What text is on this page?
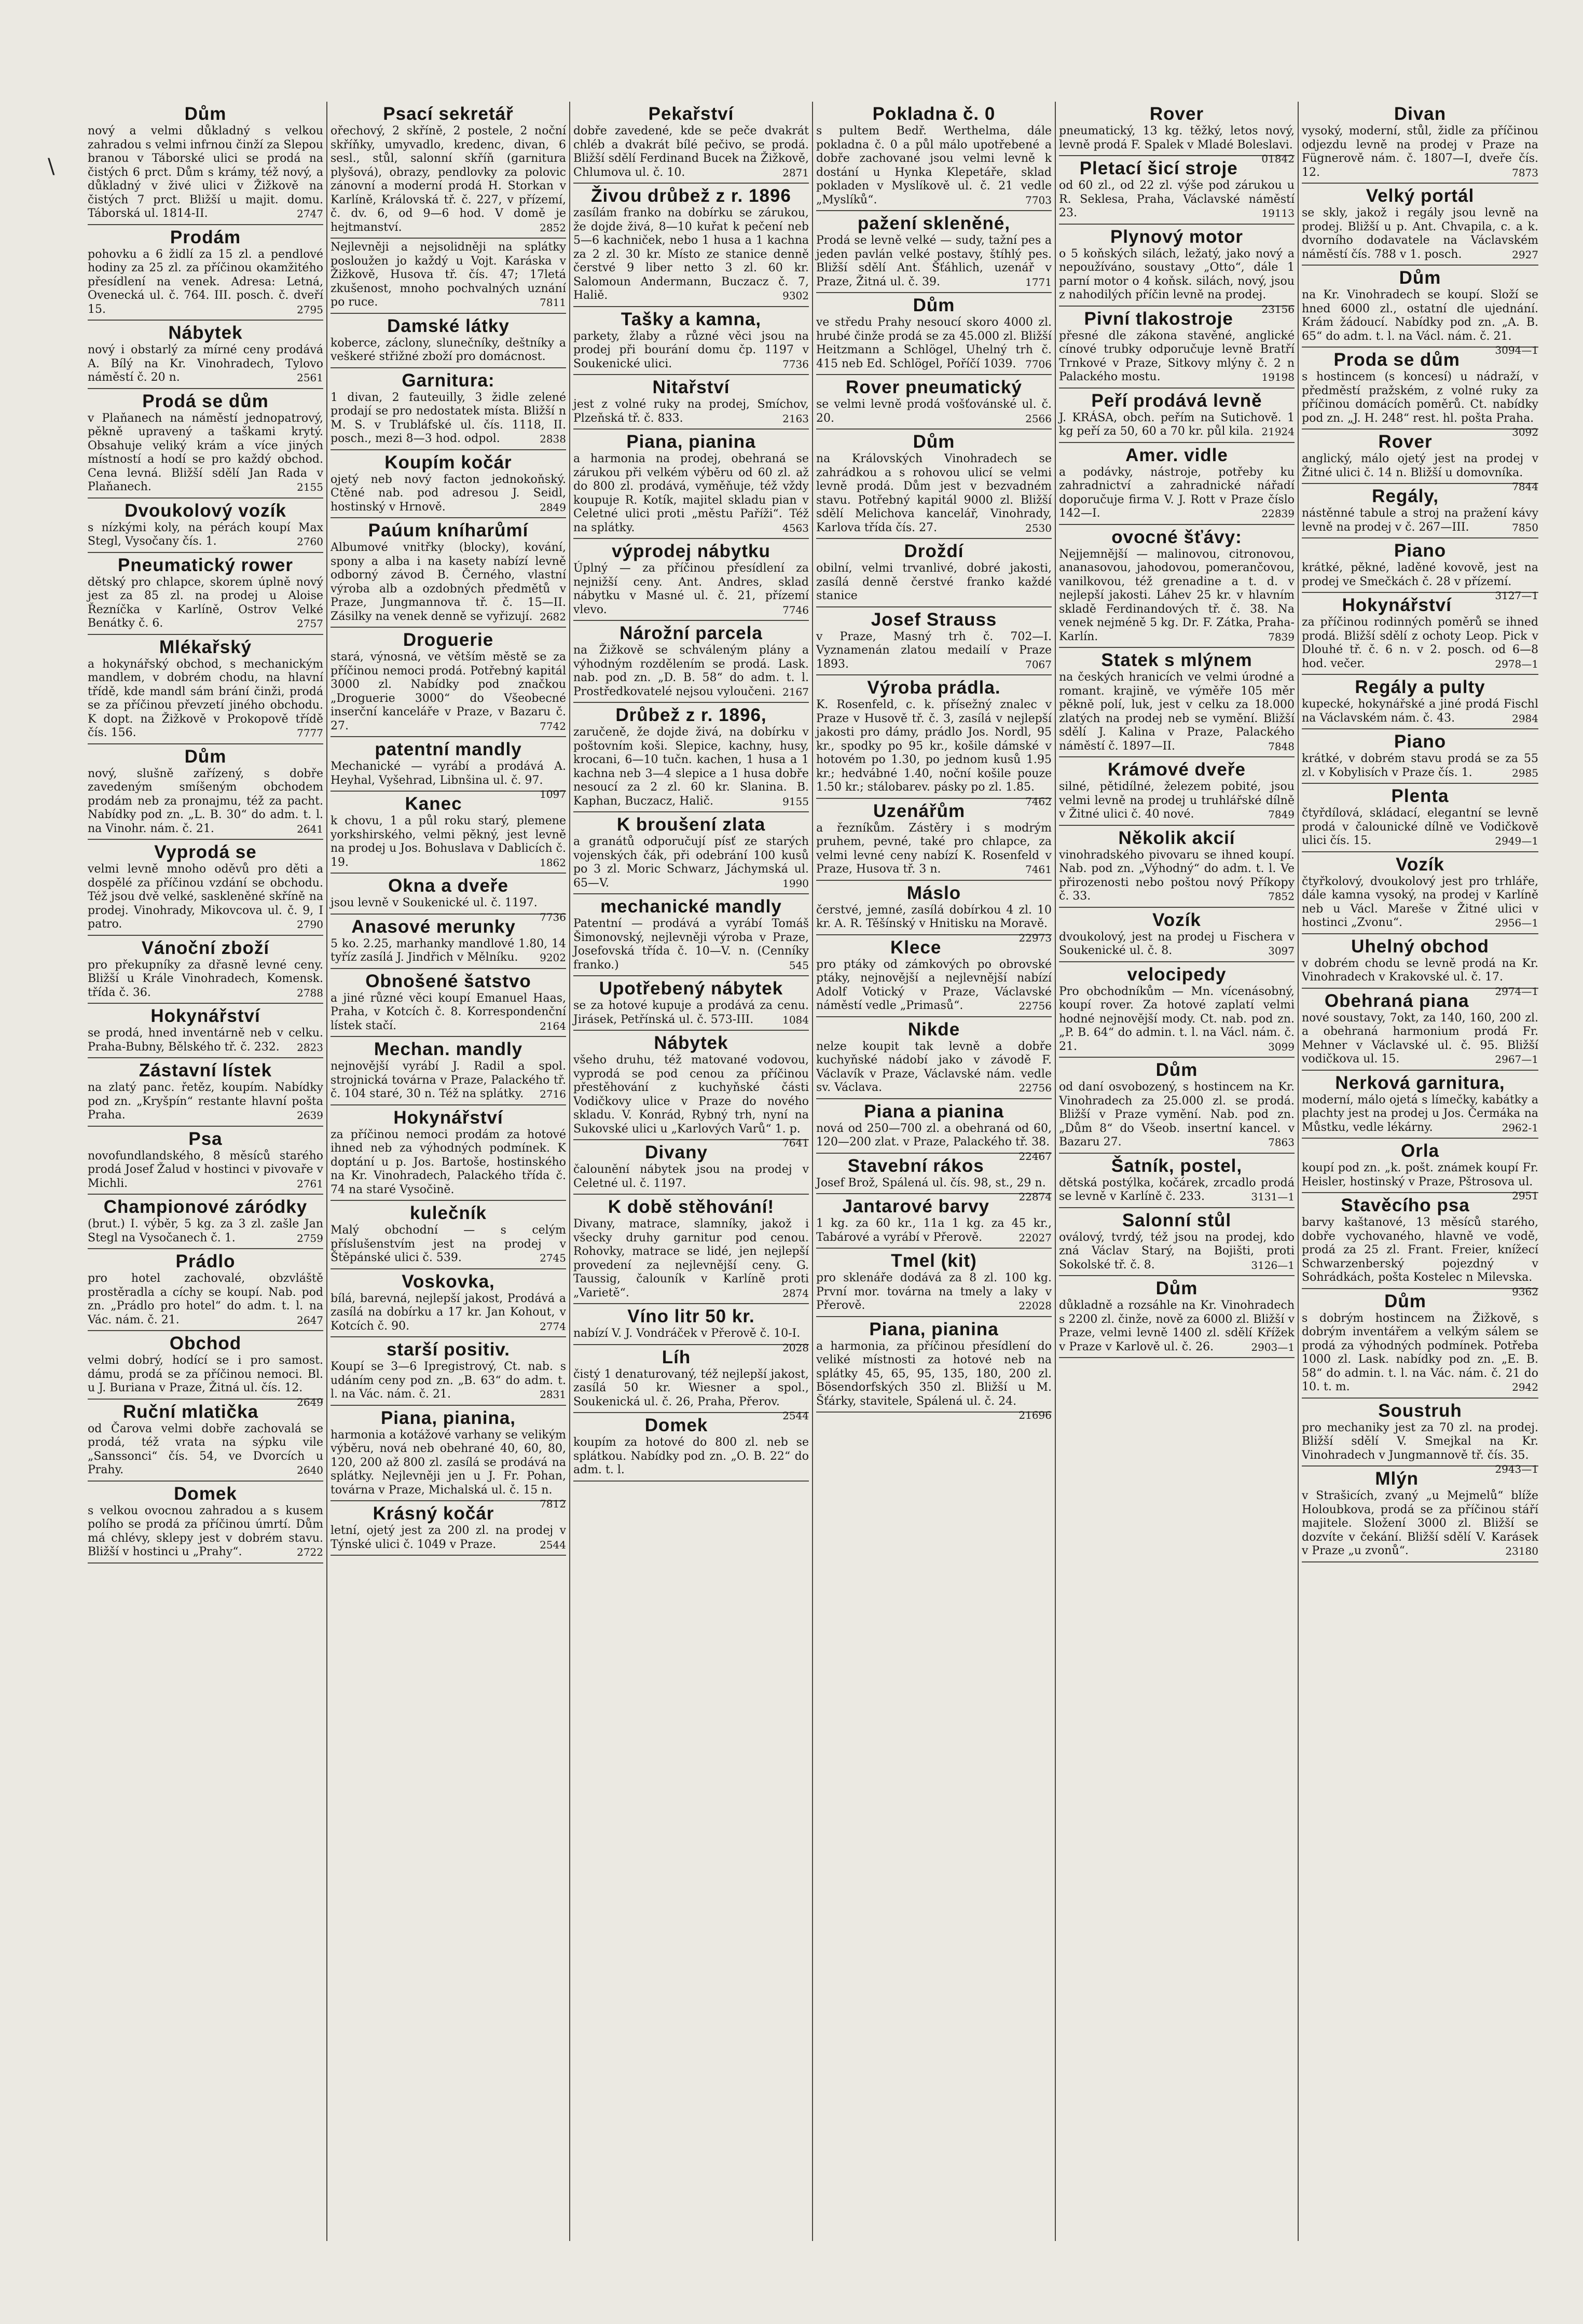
\
Dům

nový a velmi důkladný s velkou zahradou s velmi infrnou činží za Slepou branou v Táborské ulici se prodá na čistých 6 prct. Dům s krámy, též nový, a důkladný v živé ulici v Žižkově na čistých 7 prct. Bližší u majit. domu. Táborská ul. 1814-II.	2747

Prodám

pohovku a 6 židlí za 15 zl. a pendlové hodiny za 25 zl. za příčinou okamžitého přesídlení na venek. Adresa: Letná, Ovenecká ul. č. 764. III. posch. č. dveří 15.	2795

Nábytek

nový i obstarlý za mírné ceny prodává A. Bílý na Kr. Vinohradech, Tylovo náměstí č. 20 n.	2561

Prodá se dům

v Plaňanech na náměstí jednopatrový, pěkně upravený a taškami krytý. Obsahuje veliký krám a více jiných místností a hodí se pro každý obchod. Cena levná. Bližší sdělí Jan Rada v Plaňanech.	2155

Dvoukolový vozík

s nízkými koly, na pérách koupí Max Stegl, Vysočany čís. 1.	2760

Pneumatický rower

dětský pro chlapce, skorem úplně nový jest za 85 zl. na prodej u Aloise Řezníčka v Karlíně, Ostrov Velké Benátky č. 6.	2757

Mlékařský

a hokynářský obchod, s mechanickým mandlem, v dobrém chodu, na hlavní třídě, kde mandl sám brání činži, prodá se za příčinou převzetí jiného obchodu. K dopt. na Žižkově v Prokopově třídě čís. 156.	7777

Dům

nový, slušně zařízený, s dobře zavedeným smíšeným obchodem prodám neb za pronajmu, též za pacht. Nabídky pod zn. „L. B. 30“ do adm. t. l. na Vinohr. nám. č. 21.	2641

Vyprodá se

velmi levně mnoho oděvů pro děti a dospělé za příčinou vzdání se obchodu. Též jsou dvě velké, saskleněné skříně na prodej. Vinohrady, Mikovcova ul. č. 9, I patro.	2790

Vánoční zboží

pro překupníky za dřasně levné ceny. Bližší u Krále Vinohradech, Komensk. třída č. 36.	2788

Hokynářství

se prodá, hned inventárně neb v celku. Praha-Bubny, Bělského tř. č. 232.	2823

Zástavní lístek

na zlatý panc. řetěz, koupím. Nabídky pod zn. „Kryšpín“ restante hlavní pošta Praha.	2639

Psa

novofundlandského, 8 měsíců starého prodá Josef Žalud v hostinci v pivovaře v Michli.	2761

Championové záródky

(brut.) I. výběr, 5 kg. za 3 zl. zašle Jan Stegl na Vysočanech č. 1.	2759

Prádlo

pro hotel zachovalé, obzvláště prostěradla a cíchy se koupí. Nab. pod zn. „Prádlo pro hotel“ do adm. t. l. na Vác. nám. č. 21.	2647

Obchod

velmi dobrý, hodící se i pro samost. dámu, prodá se za příčinou nemoci. Bl. u J. Buriana v Praze, Žitná ul. čís. 12.
2649

Ruční mlatička

od Čarova velmi dobře zachovalá se prodá, též vrata na sýpku vile „Sanssonci“ čís. 54, ve Dvorcích u Prahy.	2640

Domek

s velkou ovocnou zahradou a s kusem polího se prodá za příčinou úmrtí. Dům má chlévy, sklepy jest v dobrém stavu. Bližší v hostinci u „Prahy“.	2722

Psací sekretář

ořechový, 2 skříně, 2 postele, 2 noční skříňky, umyvadlo, kredenc, divan, 6 sesl., stůl, salonní skříň (garnitura plyšová), obrazy, pendlovky za polovic zánovní a moderní prodá H. Storkan v Karlíně, Královská tř. č. 227, v přízemí, č. dv. 6, od 9—6 hod. V domě je hejtmanství.	2852

Nejlevněji a nejsolidněji na splátky posloužen jo každý u Vojt. Karáska v Žižkově, Husova tř. čís. 47; 17letá zkušenost, mnoho pochvalných uznání po ruce.	7811

Damské látky

koberce, záclony, slunečníky, deštníky a veškeré střižné zboží pro domácnost.

Garnitura:

1 divan, 2 fauteuilly, 3 židle zelené prodají se pro nedostatek místa. Bližší n M. S. v Trubláfské ul. čís. 1118, II. posch., mezi 8—3 hod. odpol.	2838

Koupím kočár

ojetý neb nový facton jednokoňský. Ctěné nab. pod adresou J. Seidl, hostinský v Hrnově.	2849

Paúum kníharůmí

Albumové vnitřky (blocky), kování, spony a alba i na kasety nabízí levně odborný závod B. Černého, vlastní výroba alb a ozdobných předmětů v Praze, Jungmannova tř. č. 15—II. Zásilky na venek denně se vyřizují. 2682

Droguerie

stará, výnosná, ve větším městě se za příčinou nemoci prodá. Potřebný kapitál 3000 zl. Nabídky pod značkou „Droguerie 3000“ do Všeobecné inserční kanceláře v Praze, v Bazaru č. 27.	7742

patentní mandly

Mechanické — vyrábí a prodává A. Heyhal, Vyšehrad, Libnšina ul. č. 97.
1097

Kanec

k chovu, 1 a půl roku starý, plemene yorkshirského, velmi pěkný, jest levně na prodej u Jos. Bohuslava v Dablicích č. 19.	1862

Okna a dveře

jsou levně v Soukenické ul. č. 1197.
7736

Anasové merunky

5 ko. 2.25, marhanky mandlové 1.80, 14 tyříz zasílá J. Jindřich v Mělníku.	9202

Obnošené šatstvo

a jiné různé věci koupí Emanuel Haas, Praha, v Kotcích č. 8. Korrespondenční lístek stačí.	2164

Mechan. mandly

nejnovější vyrábí J. Radil a spol. strojnická továrna v Praze, Palackého tř. č. 104 staré, 30 n. Též na splátky.	2716

Hokynářství

za příčinou nemoci prodám za hotové ihned neb za výhodných podmínek. K doptání u p. Jos. Bartoše, hostinského na Kr. Vinohradech, Palackého třída č. 74 na staré Vysočině.

kulečník

Malý obchodní — s celým příslušenstvím jest na prodej v Štěpánské ulici č. 539.	2745

Voskovka,

bílá, barevná, nejlepší jakost, Prodává a zasílá na dobírku a 17 kr. Jan Kohout, v Kotcích č. 90.	2774

starší positiv.

Koupí se 3—6 Ipregistrový, Ct. nab. s udáním ceny pod zn. „B. 63“ do adm. t. l. na Vác. nám. č. 21.	2831

Piana, pianina,

harmonia a kotážové varhany se velikým výběru, nová neb obehrané 40, 60, 80, 120, 200 až 800 zl. zasílá se prodává na splátky. Nejlevněji jen u J. Fr. Pohan, továrna v Praze, Michalská ul. č. 15 n.
7812

Krásný kočár

letní, ojetý jest za 200 zl. na prodej v Týnské ulici č. 1049 v Praze.	2544

Pekařství

dobře zavedené, kde se peče dvakrát chléb a dvakrát bílé pečivo, se prodá. Bližší sdělí Ferdinand Bucek na Žižkově, Chlumova ul. č. 10.	2871

Živou drůbež z r. 1896

zasílám franko na dobírku se zárukou, že dojde živá, 8—10 kuřat k pečení neb 5—6 kachniček, nebo 1 husa a 1 kachna za 2 zl. 30 kr. Místo ze stanice denně čerstvé 9 liber netto 3 zl. 60 kr. Salomoun Andermann, Buczacz č. 7, Haliě.	9302

Tašky a kamna,

parkety, žlaby a různé věci jsou na prodej při bourání domu čp. 1197 v Soukenické ulici.	7736

Nitařství

jest z volné ruky na prodej, Smíchov, Plzeňská tř. č. 833.	2163

Piana, pianina

a harmonia na prodej, obehraná se zárukou při velkém výběru od 60 zl. až do 800 zl. prodává, vyměňuje, též vždy koupuje R. Kotík, majitel skladu pian v Celetné ulici proti „městu Paříži“. Též na splátky.	4563

výprodej nábytku

Úplný — za příčinou přesídlení za nejnižší ceny. Ant. Andres, sklad nábytku v Masné ul. č. 21, přízemí vlevo.	7746

Nárožní parcela

na Žižkově se schváleným plány a výhodným rozdělením se prodá. Lask. nab. pod zn. „D. B. 58“ do adm. t. l. Prostředkovatelé nejsou vyloučeni. 2167

Drůbež z r. 1896,

zaručeně, že dojde živá, na dobírku v poštovním koši. Slepice, kachny, husy, krocani, 6—10 tučn. kachen, 1 husa a 1 kachna neb 3—4 slepice a 1 husa dobře nesoucí za 2 zl. 60 kr. Slanina. B. Kaphan, Buczacz, Halič.	9155

K broušení zlata

a granátů odporučují písť ze starých vojenských čák, při odebrání 100 kusů po 3 zl. Moric Schwarz, Jáchymská ul. 65—V.	1990

mechanické mandly

Patentní — prodává a vyrábí Tomáš Šimonovský, nejlevněji výroba v Praze, Josefovská třída č. 10—V. n. (Cenníky franko.)	545

Upotřebený nábytek

se za hotové kupuje a prodává za cenu. Jirásek, Petřínská ul. č. 573-III.	1084

Nábytek

všeho druhu, též matované vodovou, vyprodá se pod cenou za příčinou přestěhování z kuchyňské části Vodičkovy ulice v Praze do nového skladu. V. Konrád, Rybný trh, nyní na Sukovské ulici u „Karlových Varů“ 1. p.
7641

Divany

čalounění nábytek jsou na prodej v Celetné ul. č. 1197.

K době stěhování!

Divany, matrace, slamníky, jakož i všecky druhy garnitur pod cenou. Rohovky, matrace se lidé, jen nejlepší provedení za nejlevnější ceny. G. Taussig, čalouník v Karlíně proti „Varietě“.	2874

Víno litr 50 kr.

nabízí V. J. Vondráček v Přerově č. 10-I.
2028

Líh

čistý 1 denaturovaný, též nejlepší jakost, zasílá 50 kr. Wiesner a spol., Soukenická ul. č. 26, Praha, Přerov.
2544

Domek

koupím za hotové do 800 zl. neb se splátkou. Nabídky pod zn. „O. B. 22“ do adm. t. l.

Pokladna č. 0

s pultem Bedř. Werthelma, dále pokladna č. 0 a půl málo upotřebené a dobře zachované jsou velmi levně k dostání u Hynka Klepetáře, sklad pokladen v Myslíkově ul. č. 21 vedle „Myslíků“.	7703

pažení skleněné,

Prodá se levně velké — sudy, tažní pes a jeden pavlán velké postavy, štíhlý pes. Bližší sdělí Ant. Šťáhlich, uzenář v Praze, Žitná ul. č. 39.	1771

Dům

ve středu Prahy nesoucí skoro 4000 zl. hrubé činže prodá se za 45.000 zl. Bližší Heitzmann a Schlögel, Uhelný trh č. 415 neb Ed. Schlögel, Poříčí 1039. 7706

Rover pneumatický

se velmi levně prodá vošťovánské ul. č. 20.	2566

Dům

na Královských Vinohradech se zahrádkou a s rohovou ulicí se velmi levně prodá. Dům jest v bezvadném stavu. Potřebný kapitál 9000 zl. Bližší sdělí Melichova kancelář, Vinohrady, Karlova třída čís. 27.	2530

Droždí

obilní, velmi trvanlivé, dobré jakosti, zasílá denně čerstvé franko každé stanice

Josef Strauss

v Praze, Masný trh č. 702—I. Vyznamenán zlatou medailí v Praze 1893.	7067

Výroba prádla.

K. Rosenfeld, c. k. přísežný znalec v Praze v Husově tř. č. 3, zasílá v nejlepší jakosti pro dámy, prádlo Jos. Nordl, 95 kr., spodky po 95 kr., košile dámské v hotovém po 1.30, po jednom kusů 1.95 kr.; hedvábné 1.40, noční košile pouze 1.50 kr.; stálobarev. pásky po zl. 1.85.
7462

Uzenářům

a řezníkům. Zástěry i s modrým pruhem, pevné, také pro chlapce, za velmi levné ceny nabízí K. Rosenfeld v Praze, Husova tř. 3 n.	7461

Máslo

čerstvé, jemné, zasílá dobírkou 4 zl. 10 kr. A. R. Těšínský v Hnitisku na Moravě.
22973

Klece

pro ptáky od zámkových po obrovské ptáky, nejnovější a nejlevnější nabízí Adolf Votický v Praze, Václavské náměstí vedle „Primasů“.	22756

Nikde

nelze koupit tak levně a dobře kuchyňské nádobí jako v závodě F. Václavík v Praze, Václavské nám. vedle sv. Václava.	22756

Piana a pianina

nová od 250—700 zl. a obehraná od 60, 120—200 zlat. v Praze, Palackého tř. 38.
22467

Stavební rákos

Josef Brož, Spálená ul. čís. 98, st., 29 n.
22874

Jantarové barvy

1 kg. za 60 kr., 11a 1 kg. za 45 kr., Tabárové a vyrábí v Přerově.	22027

Tmel (kit)

pro sklenáře dodává za 8 zl. 100 kg. První mor. továrna na tmely a laky v Přerově.	22028

Piana, pianina

a harmonia, za příčinou přesídlení do veliké místnosti za hotové neb na splátky 45, 65, 95, 135, 180, 200 zl. Bösendorfských 350 zl. Bližší u M. Šťárky, stavitele, Spálená ul. č. 24.
21696

Rover

pneumatický, 13 kg. těžký, letos nový, levně prodá F. Spalek v Mladé Boleslavi.
01842

Pletací šicí stroje

od 60 zl., od 22 zl. výše pod zárukou u R. Seklesa, Praha, Václavské náměstí 23.	19113

Plynový motor

o 5 koňských silách, ležatý, jako nový a nepoužíváno, soustavy „Otto“, dále 1 parní motor o 4 koňsk. silách, nový, jsou z nahodilých příčin levně na prodej.
23156

Pivní tlakostroje

přesné dle zákona stavěné, anglické cínové trubky odporučuje levně Bratří Trnkové v Praze, Sitkovy mlýny č. 2 n Palackého mostu.	19198

Peří prodává levně

J. KRÁSA, obch. peřím na Sutichově. 1 kg peří za 50, 60 a 70 kr. půl kila. 21924

Amer. vidle

a podávky, nástroje, potřeby ku zahradnictví a zahradnické nářadí doporučuje firma V. J. Rott v Praze číslo 142—I.	22839

ovocné šťávy:

Nejjemnější — malinovou, citronovou, ananasovou, jahodovou, pomerančovou, vanilkovou, též grenadine a t. d. v nejlepší jakosti. Láhev 25 kr. v hlavním skladě Ferdinandových tř. č. 38. Na venek nejméně 5 kg. Dr. F. Zátka, Praha-Karlín.	7839

Statek s mlýnem

na českých hranicích ve velmi úrodné a romant. krajině, ve výměře 105 měr pěkně polí, luk, jest v celku za 18.000 zlatých na prodej neb se vymění. Bližší sdělí J. Kalina v Praze, Palackého náměstí č. 1897—II.	7848

Krámové dveře

silné, pětidílné, železem pobité, jsou velmi levně na prodej u truhlářské dílně v Žitné ulici č. 40 nové.	7849

Několik akcií

vinohradského pivovaru se ihned koupí. Nab. pod zn. „Výhodný“ do adm. t. l. Ve přirozenosti nebo poštou nový Příkopy č. 33.	7852

Vozík

dvoukolový, jest na prodej u Fischera v Soukenické ul. č. 8.	3097

velocipedy

Pro obchodníkům — Mn. vícenásobný, koupí rover. Za hotové zaplatí velmi hodné nejnovější mody. Ct. nab. pod zn. „P. B. 64“ do admin. t. l. na Václ. nám. č. 21.	3099

Dům

od daní osvobozený, s hostincem na Kr. Vinohradech za 25.000 zl. se prodá. Bližší v Praze vymění. Nab. pod zn. „Dům 8“ do Všeob. insertní kancel. v Bazaru 27.	7863

Šatník, postel,

dětská postýlka, kočárek, zrcadlo prodá se levně v Karlíně č. 233.	3131—1

Salonní stůl

oválový, tvrdý, též jsou na prodej, kdo zná Václav Starý, na Bojišti, proti Sokolské tř. č. 8.	3126—1

Dům

důkladně a rozsáhle na Kr. Vinohradech s 2200 zl. činže, nově za 6000 zl. Bližší v Praze, velmi levně 1400 zl. sdělí Křížek v Praze v Karlově ul. č. 26.	2903—1

Divan

vysoký, moderní, stůl, židle za příčinou odjezdu levně na prodej v Praze na Fügnerově nám. č. 1807—I, dveře čís. 12.	7873

Velký portál

se skly, jakož i regály jsou levně na prodej. Bližší u p. Ant. Chvapila, c. a k. dvorního dodavatele na Václavském náměstí čís. 788 v 1. posch.	2927

Dům

na Kr. Vinohradech se koupí. Složí se hned 6000 zl., ostatní dle ujednání. Krám žádoucí. Nabídky pod zn. „A. B. 65“ do adm. t. l. na Václ. nám. č. 21.
3094—1

Proda se dům

s hostincem (s koncesí) u nádraží, v předměstí pražském, z volné ruky za příčinou domácích poměrů. Ct. nabídky pod zn. „J. H. 248“ rest. hl. pošta Praha.
3092

Rover

anglický, málo ojetý jest na prodej v Žitné ulici č. 14 n. Bližší u domovníka.
7844

Regály,

nástěnné tabule a stroj na pražení kávy levně na prodej v č. 267—III.	7850

Piano

krátké, pěkné, laděné kovově, jest na prodej ve Smečkách č. 28 v přízemí.
3127—1

Hokynářství

za příčinou rodinných poměrů se ihned prodá. Bližší sdělí z ochoty Leop. Pick v Dlouhé tř. č. 6 n. v 2. posch. od 6—8 hod. večer.	2978—1

Regály a pulty

kupecké, hokynářské a jiné prodá Fischl na Václavském nám. č. 43.	2984

Piano

krátké, v dobrém stavu prodá se za 55 zl. v Kobylisích v Praze čís. 1.	2985

Plenta

čtyřdílová, skládací, elegantní se levně prodá v čalounické dílně ve Vodičkově ulici čís. 15.	2949—1

Vozík

čtyřkolový, dvoukolový jest pro trhláře, dále kamna vysoký, na prodej v Karlíně neb u Václ. Mareše v Žitné ulici v hostinci „Zvonu“.	2956—1

Uhelný obchod

v dobrém chodu se levně prodá na Kr. Vinohradech v Krakovské ul. č. 17.
2974—1

Obehraná piana

nové soustavy, 7okt, za 140, 160, 200 zl. a obehraná harmonium prodá Fr. Mehner v Václavské ul. č. 95. Bližší vodičkova ul. 15.	2967—1

Nerková garnitura,

moderní, málo ojetá s límečky, kabátky a plachty jest na prodej u Jos. Čermáka na Můstku, vedle lékárny.	2962-1

Orla

koupí pod zn. „k. pošt. známek koupí Fr. Heisler, hostinský v Praze, Pštrosova ul.
2951

Stavěcího psa

barvy kaštanové, 13 měsíců starého, dobře vychovaného, hlavně ve vodě, prodá za 25 zl. Frant. Freier, knížecí Schwarzenberský pojezdný v Sohrádkách, pošta Kostelec n Milevska.
9362

Dům

s dobrým hostincem na Žižkově, s dobrým inventářem a velkým sálem se prodá za výhodných podmínek. Potřeba 1000 zl. Lask. nabídky pod zn. „E. B. 58“ do admin. t. l. na Vác. nám. č. 21 do 10. t. m.	2942

Soustruh

pro mechaniky jest za 70 zl. na prodej. Bližší sdělí V. Smejkal na Kr. Vinohradech v Jungmannově tř. čís. 35.
2943—1

Mlýn

v Strašicích, zvaný „u Mejmelů“ blíže Holoubkova, prodá se za příčinou stáří majitele. Složení 3000 zl. Bližší se dozvíte v čekání. Bližší sdělí V. Karásek v Praze „u zvonů“.	23180
